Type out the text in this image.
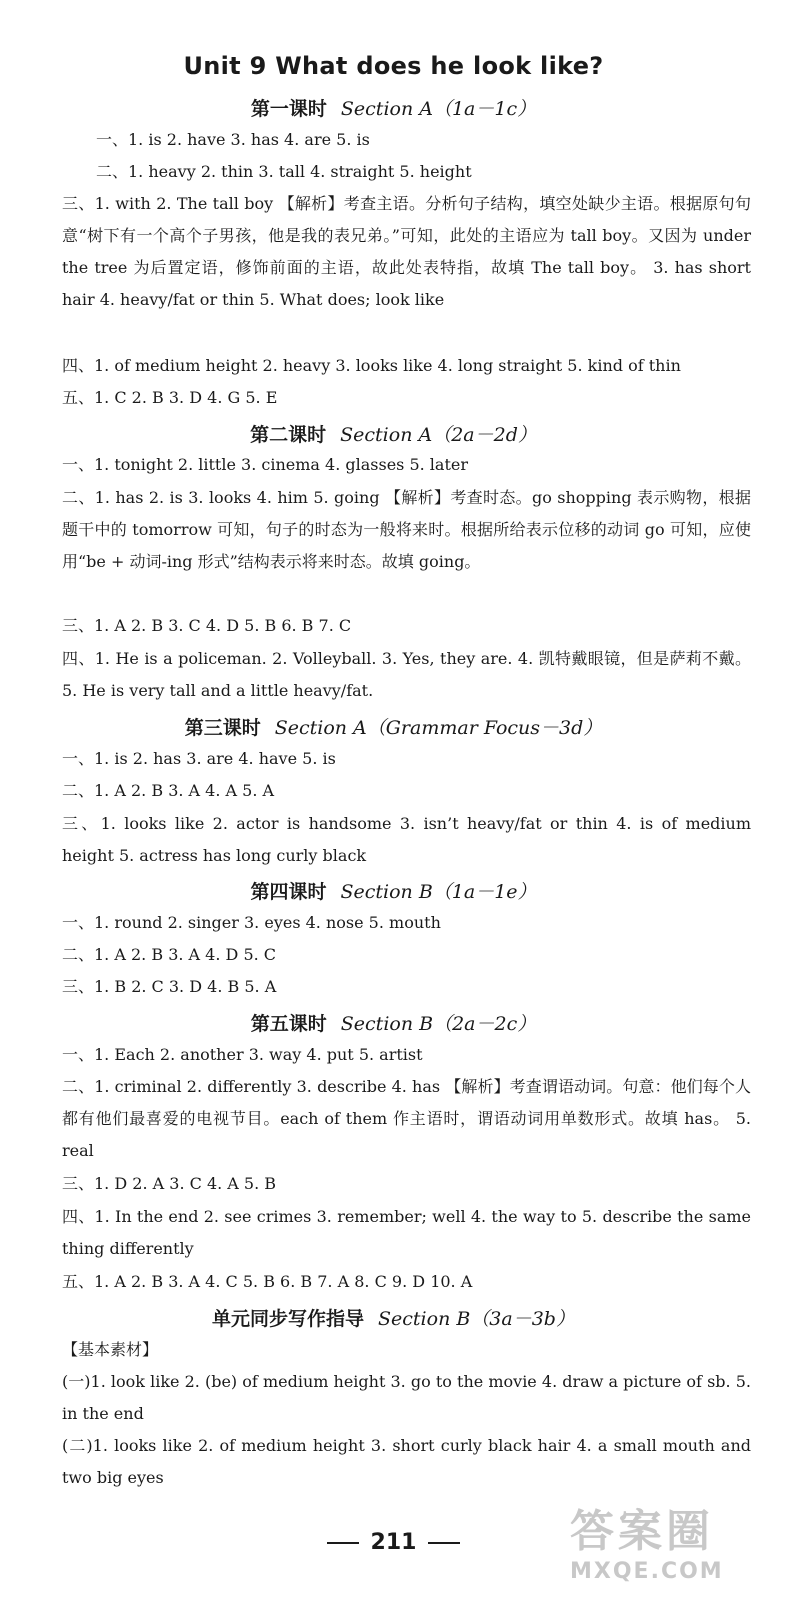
Unit 9 What does he look like?
第一课时 Section A（1a－1c）
一、1. is 2. have 3. has 4. are 5. is
二、1. heavy 2. thin 3. tall 4. straight 5. height
三、1. with 2. The tall boy 【解析】考查主语。分析句子结构，填空处缺少主语。根据原句句意“树下有一个高个子男孩，他是我的表兄弟。”可知，此处的主语应为 tall boy。又因为 under the tree 为后置定语，修饰前面的主语，故此处表特指，故填 The tall boy。 3. has short hair 4. heavy/fat or thin 5. What does; look like
四、1. of medium height 2. heavy 3. looks like 4. long straight 5. kind of thin
五、1. C 2. B 3. D 4. G 5. E
第二课时 Section A（2a－2d）
一、1. tonight 2. little 3. cinema 4. glasses 5. later
二、1. has 2. is 3. looks 4. him 5. going 【解析】考查时态。go shopping 表示购物，根据题干中的 tomorrow 可知，句子的时态为一般将来时。根据所给表示位移的动词 go 可知，应使用“be + 动词-ing 形式”结构表示将来时态。故填 going。
三、1. A 2. B 3. C 4. D 5. B 6. B 7. C
四、1. He is a policeman. 2. Volleyball. 3. Yes, they are. 4. 凯特戴眼镜，但是萨莉不戴。 5. He is very tall and a little heavy/fat.
第三课时 Section A（Grammar Focus－3d）
一、1. is 2. has 3. are 4. have 5. is
二、1. A 2. B 3. A 4. A 5. A
三、1. looks like 2. actor is handsome 3. isn’t heavy/fat or thin 4. is of medium height 5. actress has long curly black
第四课时 Section B（1a－1e）
一、1. round 2. singer 3. eyes 4. nose 5. mouth
二、1. A 2. B 3. A 4. D 5. C
三、1. B 2. C 3. D 4. B 5. A
第五课时 Section B（2a－2c）
一、1. Each 2. another 3. way 4. put 5. artist
二、1. criminal 2. differently 3. describe 4. has 【解析】考查谓语动词。句意：他们每个人都有他们最喜爱的电视节目。each of them 作主语时，谓语动词用单数形式。故填 has。 5. real
三、1. D 2. A 3. C 4. A 5. B
四、1. In the end 2. see crimes 3. remember; well 4. the way to 5. describe the same thing differently
五、1. A 2. B 3. A 4. C 5. B 6. B 7. A 8. C 9. D 10. A
单元同步写作指导 Section B（3a－3b）
【基本素材】
(一)1. look like 2. (be) of medium height 3. go to the movie 4. draw a picture of sb. 5. in the end
(二)1. looks like 2. of medium height 3. short curly black hair 4. a small mouth and two big eyes
211	答案圈
MXQE.COM
